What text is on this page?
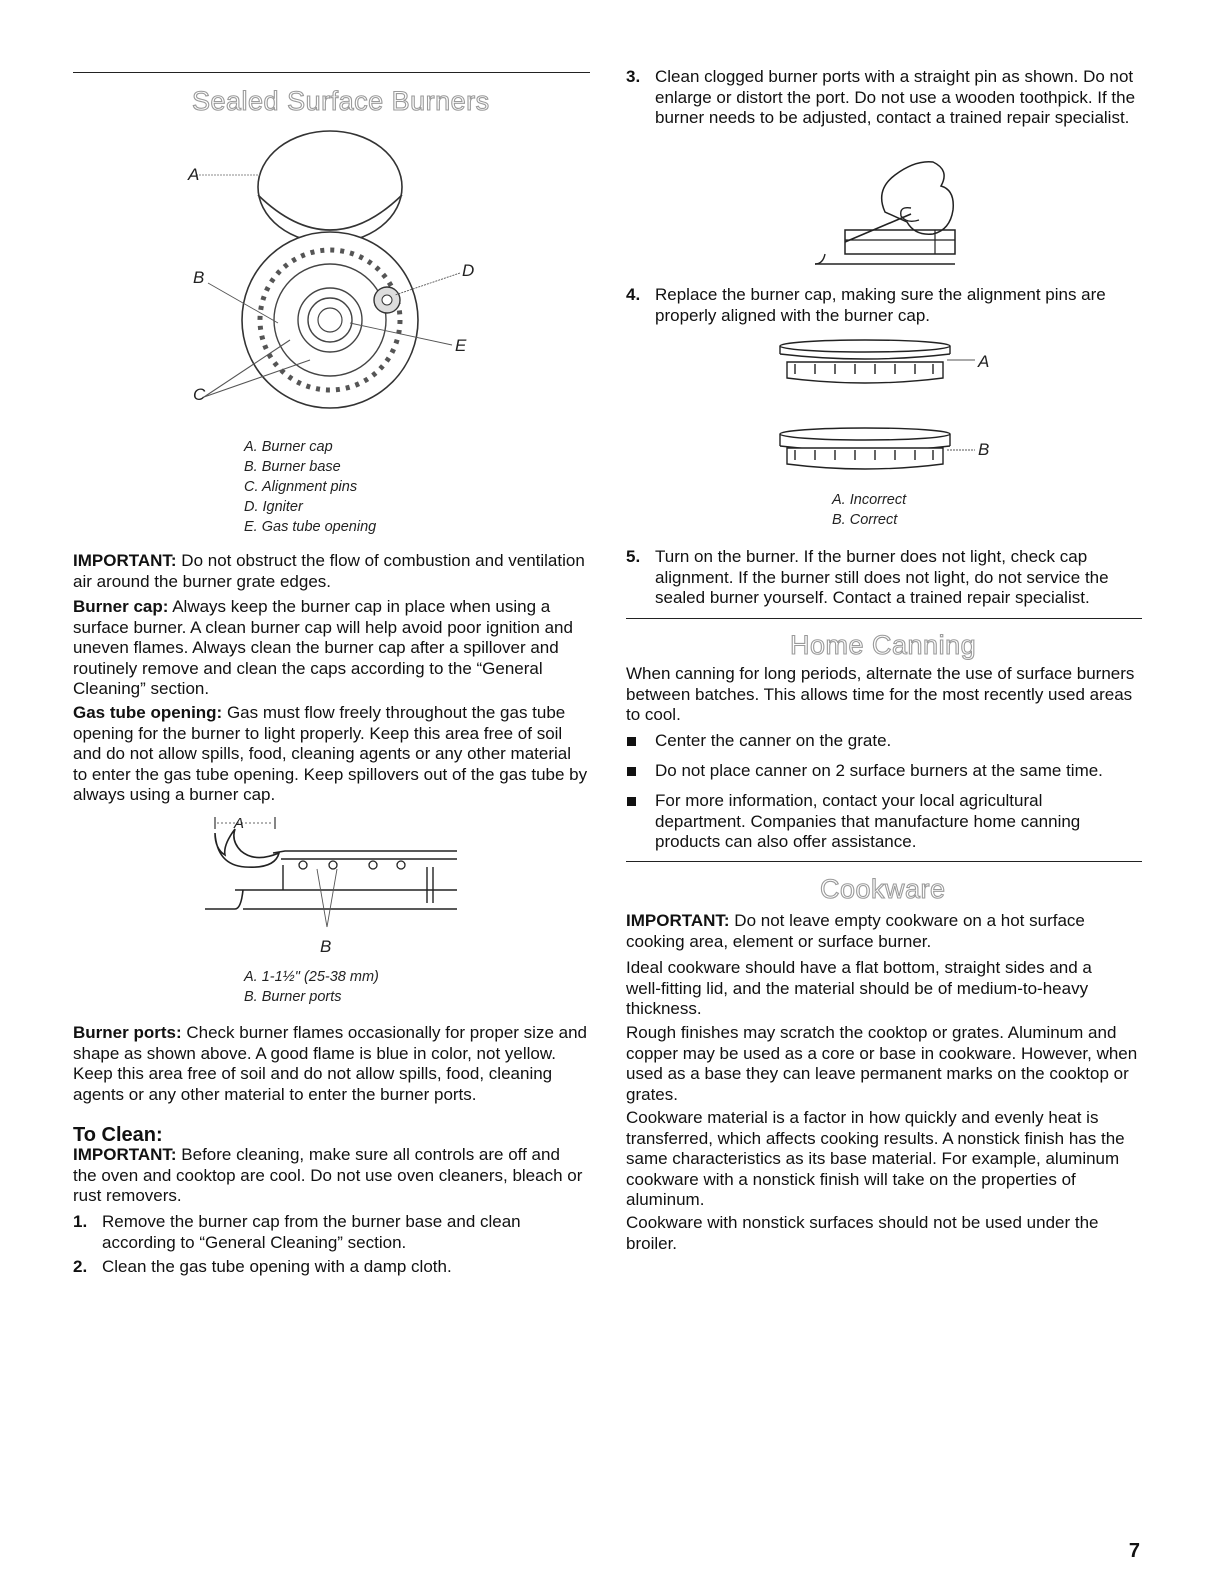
Sealed Surface Burners
A
B	D
E
C
A. Burner cap
B. Burner base
C. Alignment pins
D. Igniter
E. Gas tube opening

IMPORTANT: Do not obstruct the flow of combustion and ventilation air around the burner grate edges.

Burner cap: Always keep the burner cap in place when using a surface burner. A clean burner cap will help avoid poor ignition and uneven flames. Always clean the burner cap after a spillover and routinely remove and clean the caps according to the “General Cleaning” section.

Gas tube opening: Gas must flow freely throughout the gas tube opening for the burner to light properly. Keep this area free of soil and do not allow spills, food, cleaning agents or any other material to enter the gas tube opening. Keep spillovers out of the gas tube by always using a burner cap.

A
B
A. 1-1½" (25-38 mm)
B. Burner ports

Burner ports: Check burner flames occasionally for proper size and shape as shown above. A good flame is blue in color, not yellow. Keep this area free of soil and do not allow spills, food, cleaning agents or any other material to enter the burner ports.

To Clean:

IMPORTANT: Before cleaning, make sure all controls are off and the oven and cooktop are cool. Do not use oven cleaners, bleach or rust removers.

1. Remove the burner cap from the burner base and clean according to “General Cleaning” section.

2. Clean the gas tube opening with a damp cloth.

3. Clean clogged burner ports with a straight pin as shown. Do not enlarge or distort the port. Do not use a wooden toothpick. If the burner needs to be adjusted, contact a trained repair specialist.

4. Replace the burner cap, making sure the alignment pins are properly aligned with the burner cap.

A
B
A. Incorrect
B. Correct
5. Turn on the burner. If the burner does not light, check cap alignment. If the burner still does not light, do not service the sealed burner yourself. Contact a trained repair specialist.

Home Canning

When canning for long periods, alternate the use of surface burners between batches. This allows time for the most recently used areas to cool.

Center the canner on the grate.

Do not place canner on 2 surface burners at the same time.

For more information, contact your local agricultural department. Companies that manufacture home canning products can also offer assistance.

Cookware

IMPORTANT: Do not leave empty cookware on a hot surface cooking area, element or surface burner.

Ideal cookware should have a flat bottom, straight sides and a well-fitting lid, and the material should be of medium-to-heavy thickness.

Rough finishes may scratch the cooktop or grates. Aluminum and copper may be used as a core or base in cookware. However, when used as a base they can leave permanent marks on the cooktop or grates.

Cookware material is a factor in how quickly and evenly heat is transferred, which affects cooking results. A nonstick finish has the same characteristics as its base material. For example, aluminum cookware with a nonstick finish will take on the properties of aluminum.

Cookware with nonstick surfaces should not be used under the broiler.

7
